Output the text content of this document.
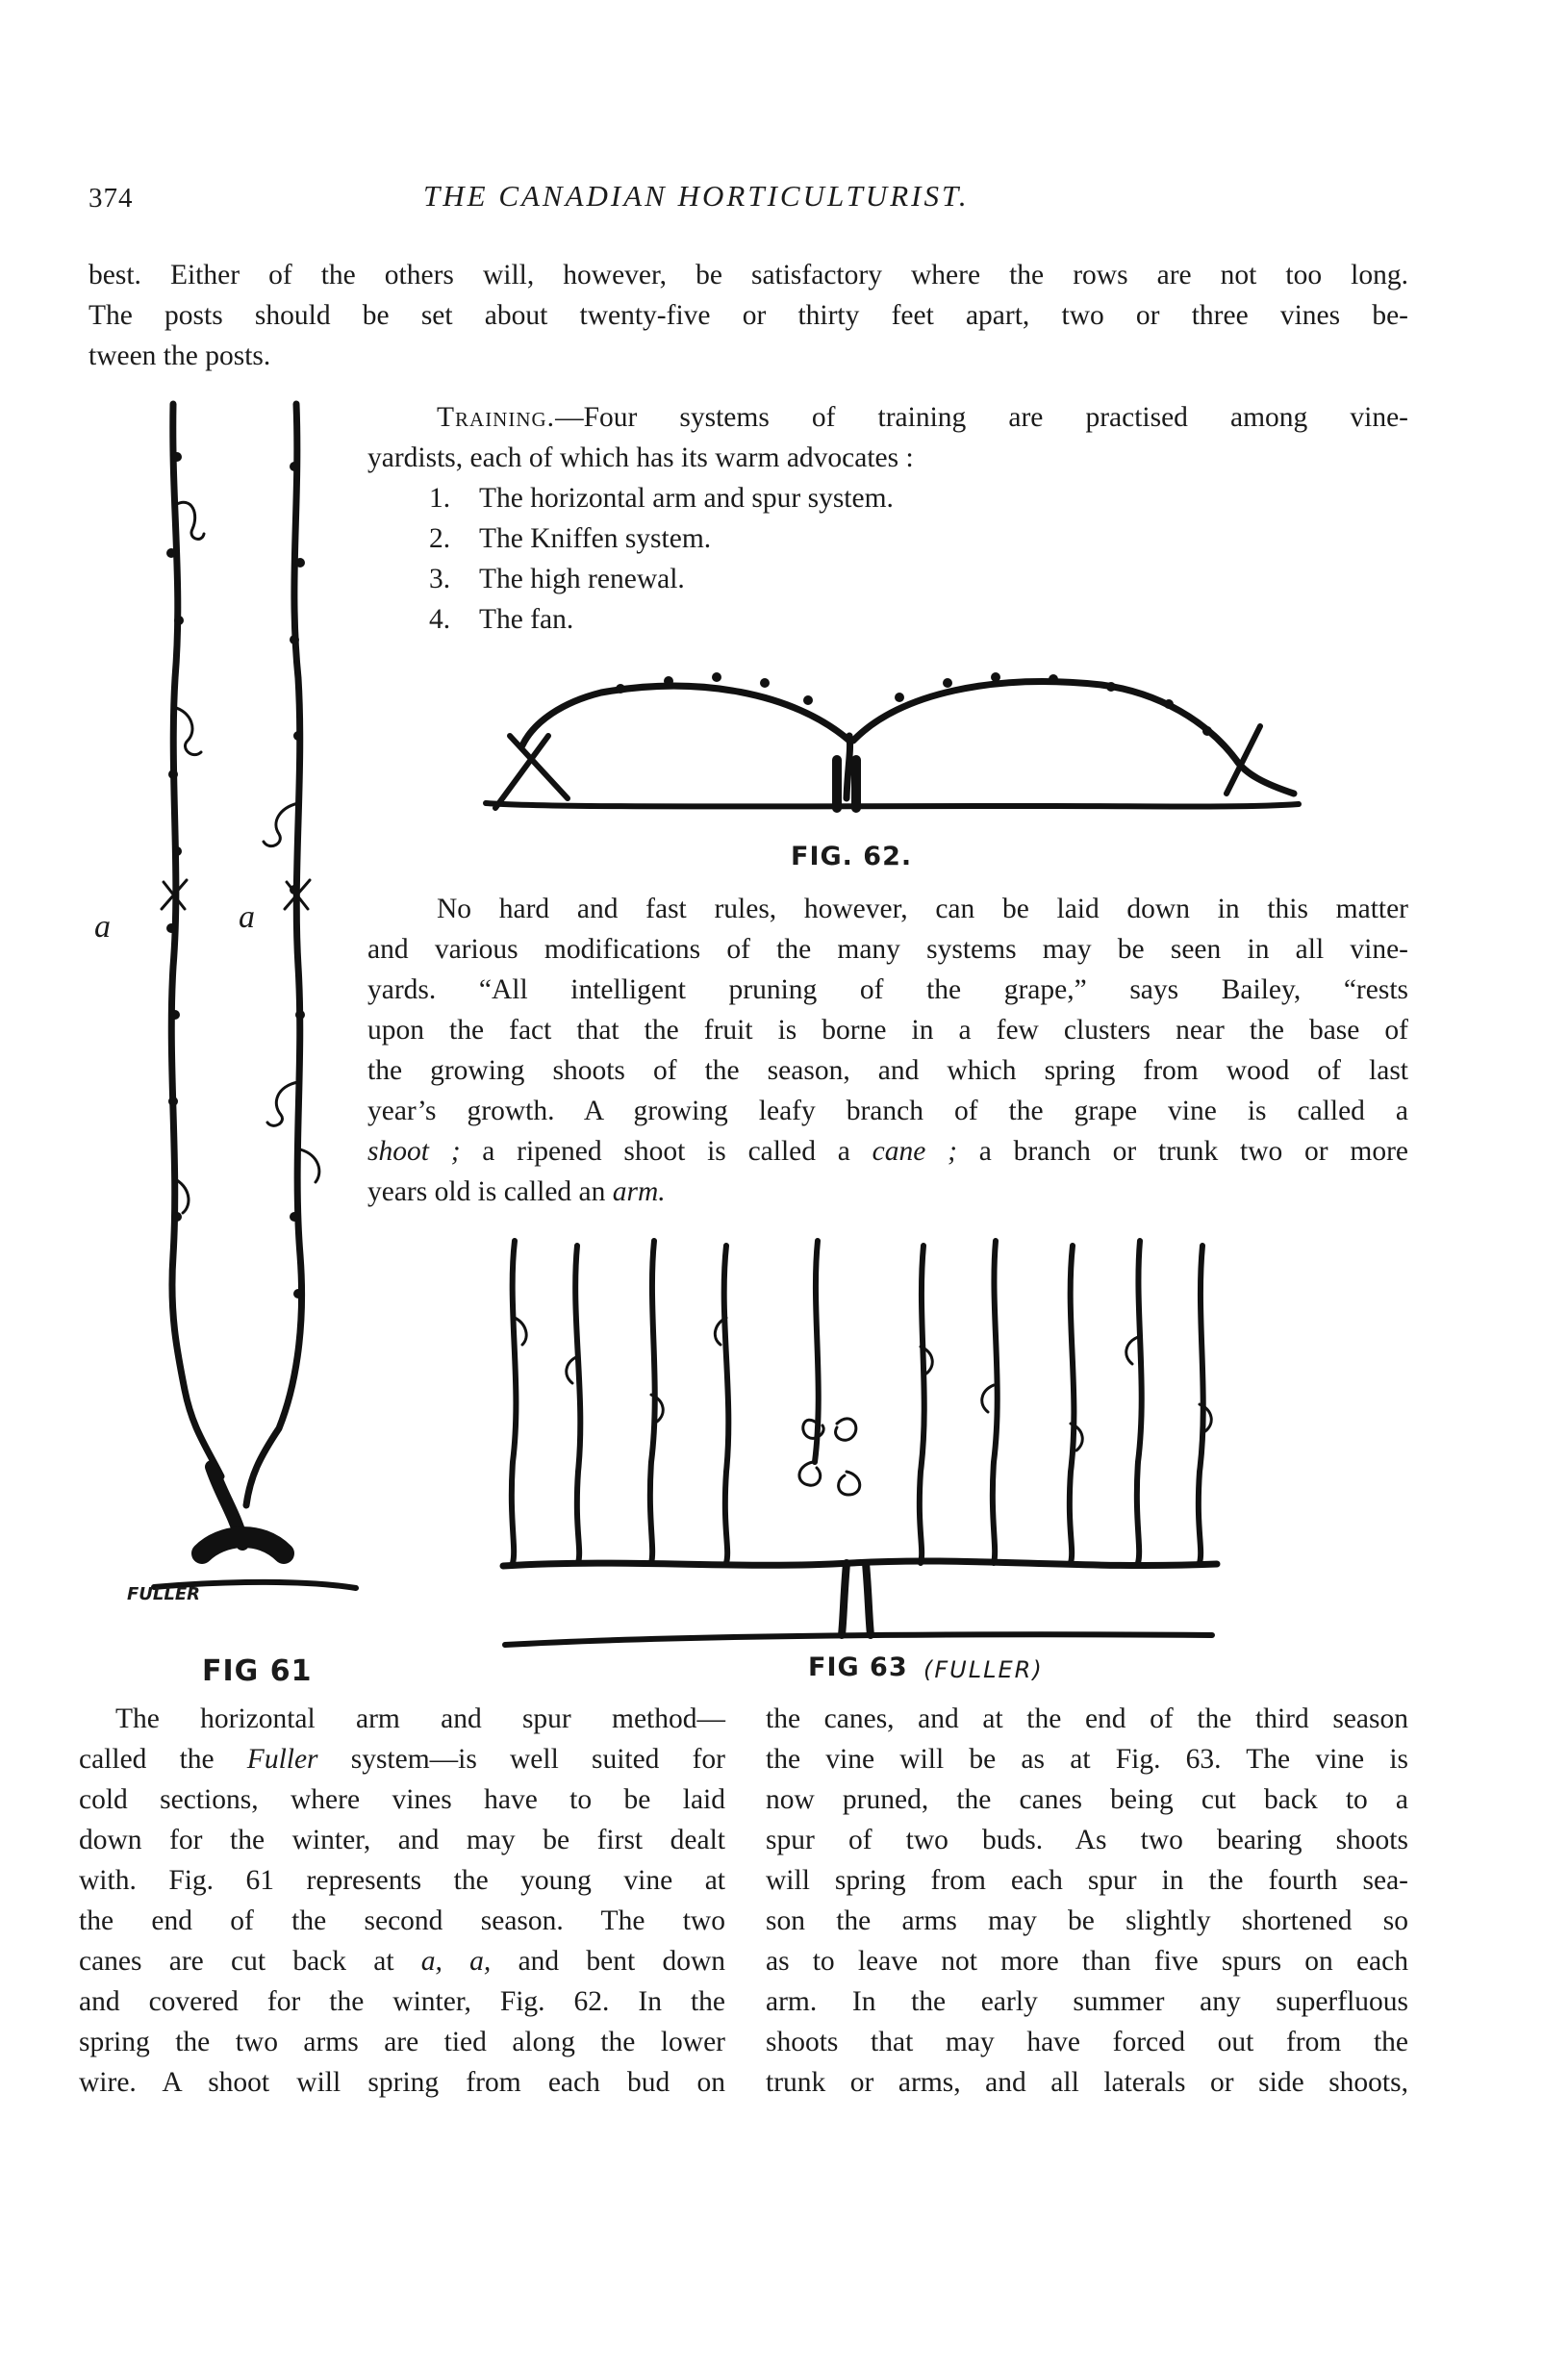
374	THE CANADIAN HORTICULTURIST.
best. Either of the others will, however, be satisfactory where the rows are not too long.
The posts should be set about twenty-five or thirty feet apart, two or three vines be-
tween the posts.
Training.—Four systems of training are practised among vine-
yardists, each of which has its warm advocates :
1. The horizontal arm and spur system.
2. The Kniffen system.
3. The high renewal.
4. The fan.
a	a
FULLER
FIG 61
FIG. 62.
No hard and fast rules, however, can be laid down in this matter
and various modifications of the many systems may be seen in all vine-
yards. “All intelligent pruning of the grape,” says Bailey, “rests
upon the fact that the fruit is borne in a few clusters near the base of
the growing shoots of the season, and which spring from wood of last
year’s growth. A growing leafy branch of the grape vine is called a
shoot ; a ripened shoot is called a cane ; a branch or trunk two or more
years old is called an arm.
FIG 63 (FULLER)
The horizontal arm and spur method—
called the Fuller system—is well suited for
cold sections, where vines have to be laid
down for the winter, and may be first dealt
with. Fig. 61 represents the young vine at
the end of the second season. The two
canes are cut back at a, a, and bent down
and covered for the winter, Fig. 62. In the
spring the two arms are tied along the lower
wire. A shoot will spring from each bud on
the canes, and at the end of the third season
the vine will be as at Fig. 63. The vine is
now pruned, the canes being cut back to a
spur of two buds. As two bearing shoots
will spring from each spur in the fourth sea-
son the arms may be slightly shortened so
as to leave not more than five spurs on each
arm. In the early summer any superfluous
shoots that may have forced out from the
trunk or arms, and all laterals or side shoots,
